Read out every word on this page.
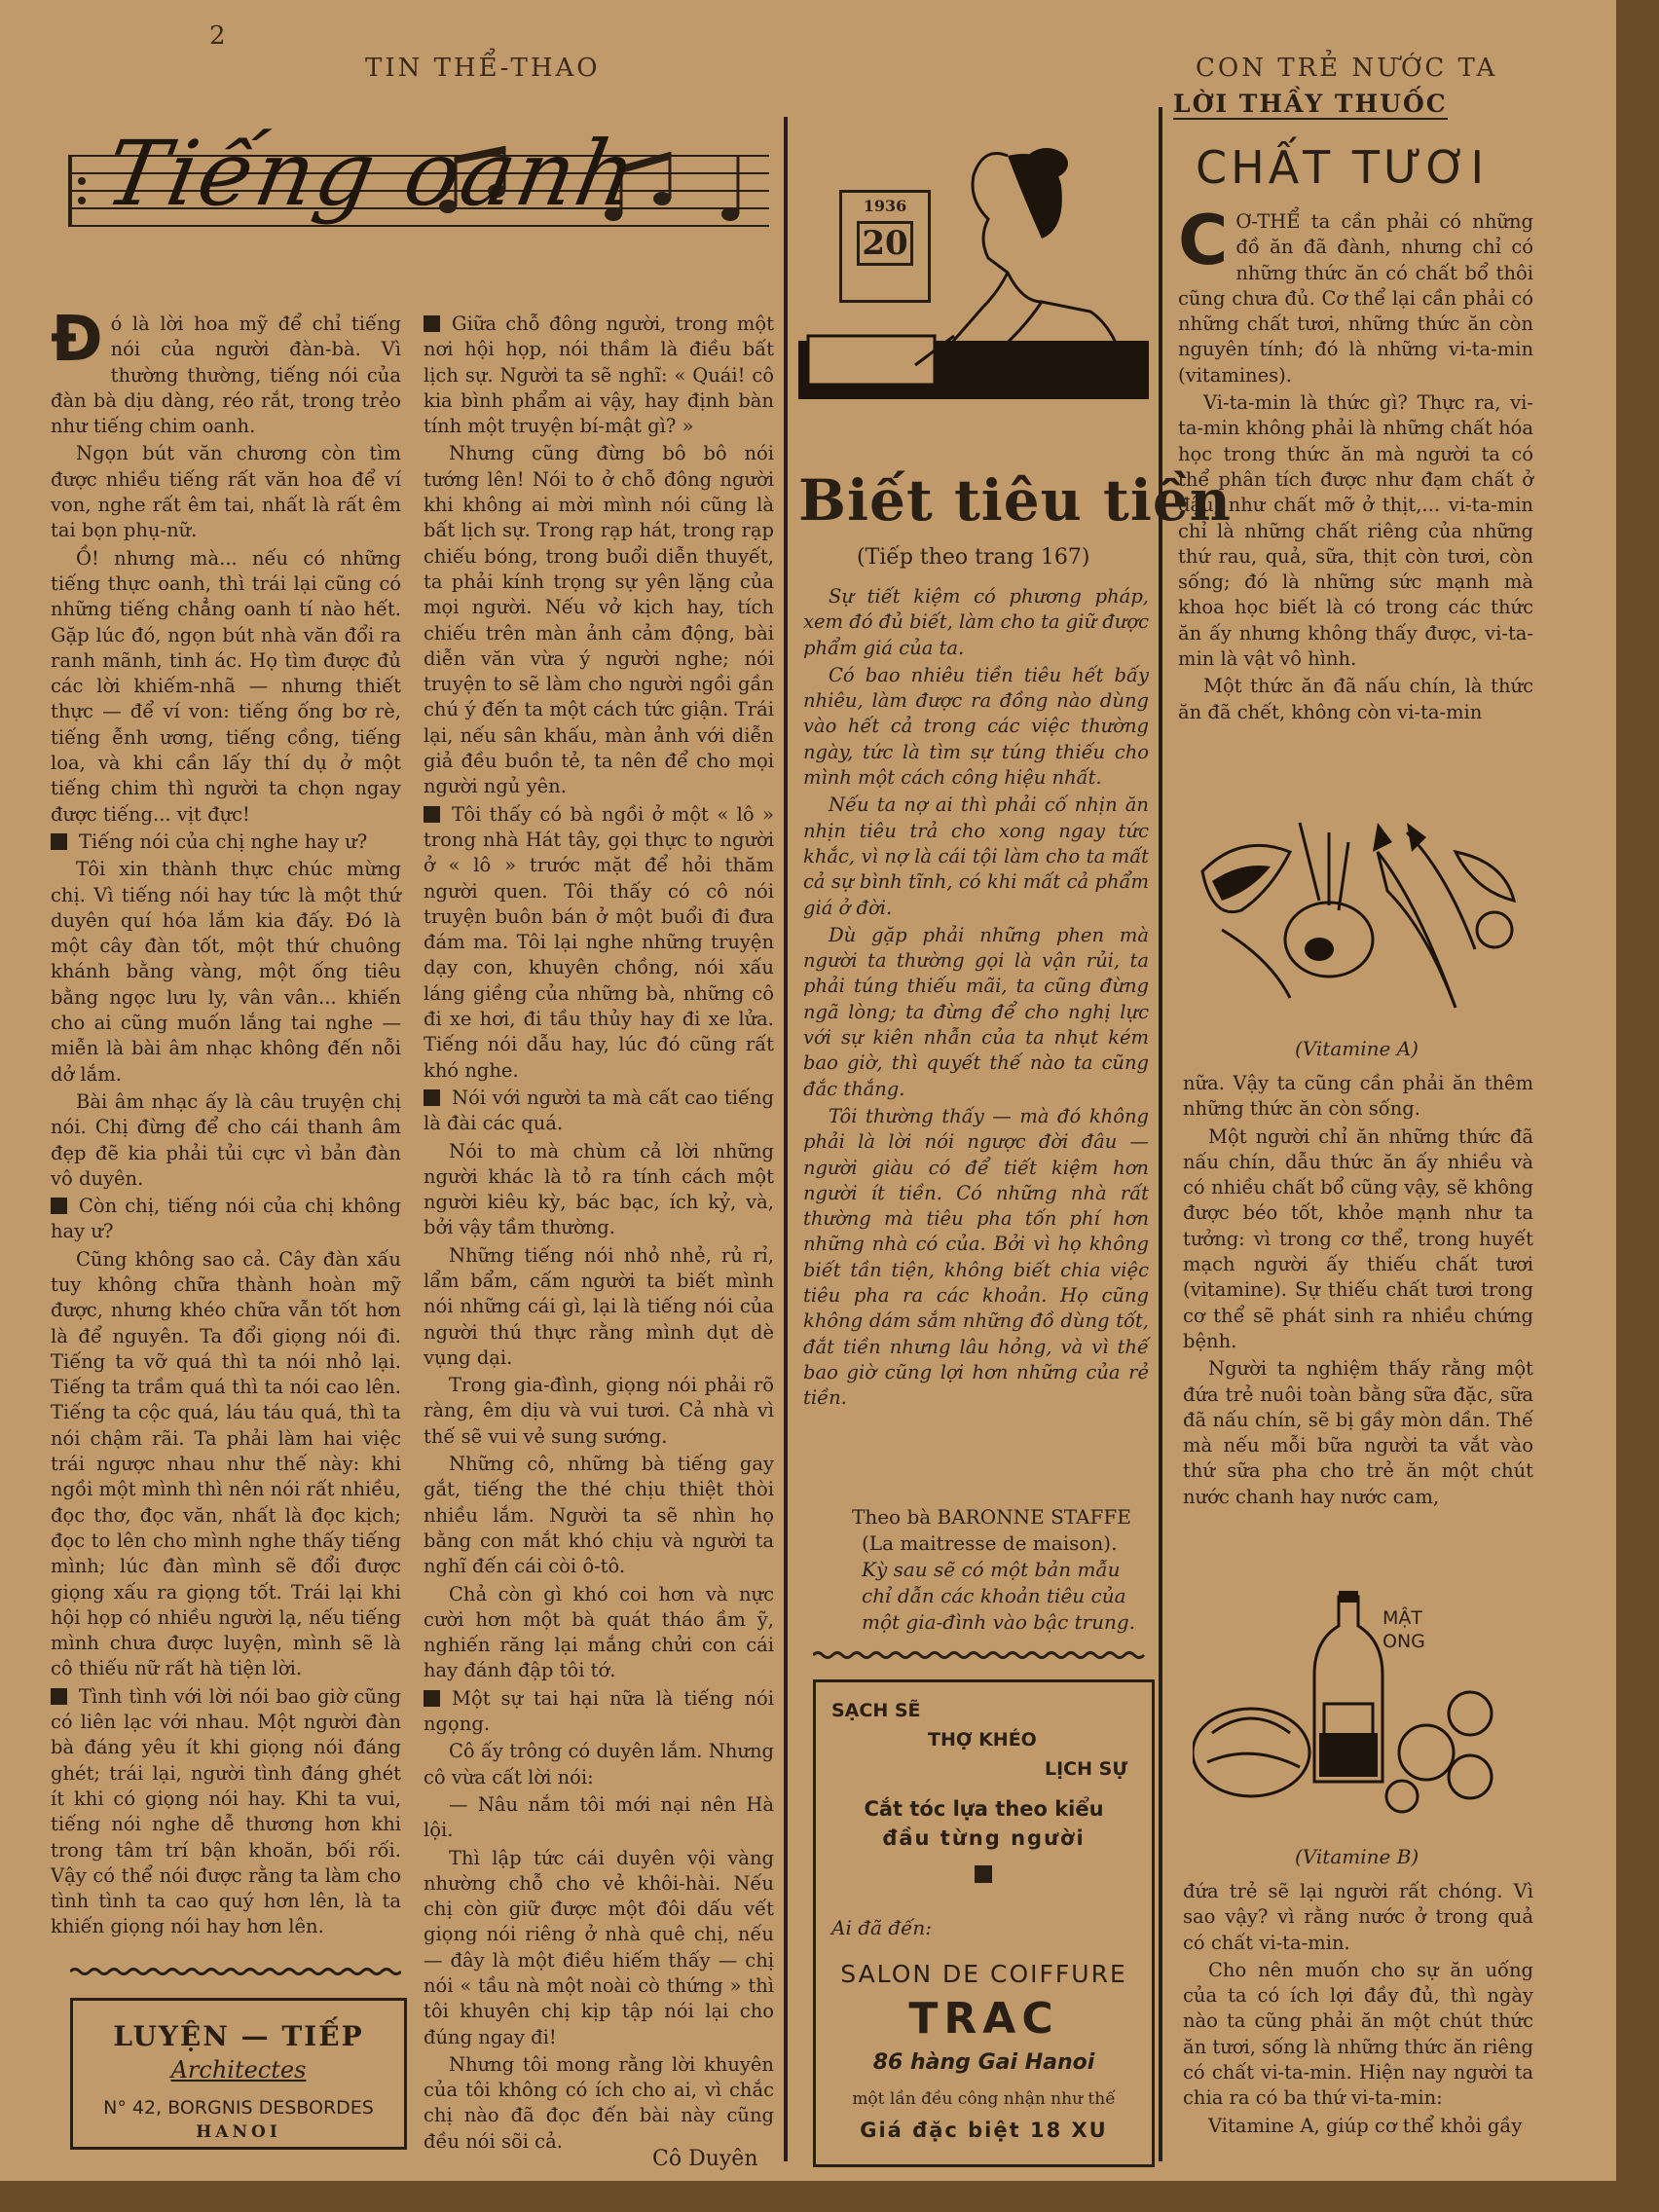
2
TIN THỂ-THAO	CON TRẺ NƯỚC TA
Tiếng oanh

Đó là lời hoa mỹ để chỉ tiếng nói của người đàn-bà. Vì thường thường, tiếng nói của đàn bà dịu dàng, réo rắt, trong trẻo như tiếng chim oanh.

Ngọn bút văn chương còn tìm được nhiều tiếng rất văn hoa để ví von, nghe rất êm tai, nhất là rất êm tai bọn phụ-nữ.

Ồ! nhưng mà... nếu có những tiếng thực oanh, thì trái lại cũng có những tiếng chẳng oanh tí nào hết. Gặp lúc đó, ngọn bút nhà văn đổi ra ranh mãnh, tinh ác. Họ tìm được đủ các lời khiếm-nhã — nhưng thiết thực — để ví von: tiếng ống bơ rè, tiếng ễnh ương, tiếng cồng, tiếng loa, và khi cần lấy thí dụ ở một tiếng chim thì người ta chọn ngay được tiếng... vịt đực!

Tiếng nói của chị nghe hay ư?

Tôi xin thành thực chúc mừng chị. Vì tiếng nói hay tức là một thứ duyên quí hóa lắm kia đấy. Đó là một cây đàn tốt, một thứ chuông khánh bằng vàng, một ống tiêu bằng ngọc lưu ly, vân vân... khiến cho ai cũng muốn lắng tai nghe — miễn là bài âm nhạc không đến nỗi dở lắm.

Bài âm nhạc ấy là câu truyện chị nói. Chị đừng để cho cái thanh âm đẹp đẽ kia phải tủi cực vì bản đàn vô duyên.

Còn chị, tiếng nói của chị không hay ư?

Cũng không sao cả. Cây đàn xấu tuy không chữa thành hoàn mỹ được, nhưng khéo chữa vẫn tốt hơn là để nguyên. Ta đổi giọng nói đi. Tiếng ta vỡ quá thì ta nói nhỏ lại. Tiếng ta trầm quá thì ta nói cao lên. Tiếng ta cộc quá, láu táu quá, thì ta nói chậm rãi. Ta phải làm hai việc trái ngược nhau như thế này: khi ngồi một mình thì nên nói rất nhiều, đọc thơ, đọc văn, nhất là đọc kịch; đọc to lên cho mình nghe thấy tiếng mình; lúc đàn mình sẽ đổi được giọng xấu ra giọng tốt. Trái lại khi hội họp có nhiều người lạ, nếu tiếng mình chưa được luyện, mình sẽ là cô thiếu nữ rất hà tiện lời.

Tình tình với lời nói bao giờ cũng có liên lạc với nhau. Một người đàn bà đáng yêu ít khi giọng nói đáng ghét; trái lại, người tình đáng ghét ít khi có giọng nói hay. Khi ta vui, tiếng nói nghe dễ thương hơn khi trong tâm trí bận khoăn, bối rối. Vậy có thể nói được rằng ta làm cho tình tình ta cao quý hơn lên, là ta khiến giọng nói hay hơn lên.

Giữa chỗ đông người, trong một nơi hội họp, nói thầm là điều bất lịch sự. Người ta sẽ nghĩ: « Quái! cô kia bình phẩm ai vậy, hay định bàn tính một truyện bí-mật gì? »

Nhưng cũng đừng bô bô nói tướng lên! Nói to ở chỗ đông người khi không ai mời mình nói cũng là bất lịch sự. Trong rạp hát, trong rạp chiếu bóng, trong buổi diễn thuyết, ta phải kính trọng sự yên lặng của mọi người. Nếu vở kịch hay, tích chiếu trên màn ảnh cảm động, bài diễn văn vừa ý người nghe; nói truyện to sẽ làm cho người ngồi gần chú ý đến ta một cách tức giận. Trái lại, nếu sân khấu, màn ảnh với diễn giả đều buồn tẻ, ta nên để cho mọi người ngủ yên.

Tôi thấy có bà ngồi ở một « lô » trong nhà Hát tây, gọi thực to người ở « lô » trước mặt để hỏi thăm người quen. Tôi thấy có cô nói truyện buôn bán ở một buổi đi đưa đám ma. Tôi lại nghe những truyện dạy con, khuyên chồng, nói xấu láng giềng của những bà, những cô đi xe hơi, đi tầu thủy hay đi xe lửa. Tiếng nói dẫu hay, lúc đó cũng rất khó nghe.

Nói với người ta mà cất cao tiếng là đài các quá.

Nói to mà chùm cả lời những người khác là tỏ ra tính cách một người kiêu kỳ, bác bạc, ích kỷ, và, bởi vậy tầm thường.

Những tiếng nói nhỏ nhẻ, rủ rỉ, lẩm bẩm, cấm người ta biết mình nói những cái gì, lại là tiếng nói của người thú thực rằng mình dụt dè vụng dại.

Trong gia-đình, giọng nói phải rõ ràng, êm dịu và vui tươi. Cả nhà vì thế sẽ vui vẻ sung sướng.

Những cô, những bà tiếng gay gắt, tiếng the thé chịu thiệt thòi nhiều lắm. Người ta sẽ nhìn họ bằng con mắt khó chịu và người ta nghĩ đến cái còi ô-tô.

Chả còn gì khó coi hơn và nực cười hơn một bà quát tháo ầm ỹ, nghiến răng lại mắng chửi con cái hay đánh đập tôi tớ.

Một sự tai hại nữa là tiếng nói ngọng.

Cô ấy trông có duyên lắm. Nhưng cô vừa cất lời nói:

— Nâu nắm tôi mới nại nên Hà lội.

Thì lập tức cái duyên vội vàng nhường chỗ cho vẻ khôi-hài. Nếu chị còn giữ được một đôi dấu vết giọng nói riêng ở nhà quê chị, nếu — đây là một điều hiếm thấy — chị nói « tầu nà một noài cò thứng » thì tôi khuyên chị kịp tập nói lại cho đúng ngay đi!

Nhưng tôi mong rằng lời khuyên của tôi không có ích cho ai, vì chắc chị nào đã đọc đến bài này cũng đều nói sõi cả.

Cô Duyên
LUYỆN — TIẾP
Architectes
N° 42, BORGNIS DESBORDES
HANOI
1936
20
Biết tiêu tiền
(Tiếp theo trang 167)

Sự tiết kiệm có phương pháp, xem đó đủ biết, làm cho ta giữ được phẩm giá của ta.

Có bao nhiêu tiền tiêu hết bấy nhiêu, làm được ra đồng nào dùng vào hết cả trong các việc thường ngày, tức là tìm sự túng thiếu cho mình một cách công hiệu nhất.

Nếu ta nợ ai thì phải cố nhịn ăn nhịn tiêu trả cho xong ngay tức khắc, vì nợ là cái tội làm cho ta mất cả sự bình tĩnh, có khi mất cả phẩm giá ở đời.

Dù gặp phải những phen mà người ta thường gọi là vận rủi, ta phải túng thiếu mãi, ta cũng đừng ngã lòng; ta đừng để cho nghị lực với sự kiên nhẫn của ta nhụt kém bao giờ, thì quyết thế nào ta cũng đắc thắng.

Tôi thường thấy — mà đó không phải là lời nói ngược đời đâu — người giàu có để tiết kiệm hơn người ít tiền. Có những nhà rất thường mà tiêu pha tốn phí hơn những nhà có của. Bởi vì họ không biết tần tiện, không biết chia việc tiêu pha ra các khoản. Họ cũng không dám sắm những đồ dùng tốt, đắt tiền nhưng lâu hỏng, và vì thế bao giờ cũng lợi hơn những của rẻ tiền.

Theo bà BARONNE STAFFE
(La maitresse de maison).
Kỳ sau sẽ có một bản mẫu chỉ dẫn các khoản tiêu của một gia-đình vào bậc trung.
SẠCH SẼ
THỢ KHÉO
LỊCH SỰ
Cắt tóc lựa theo kiểu
đầu từng người
Ai đã đến:
SALON DE COIFFURE
TRAC
86 hàng Gai Hanoi
một lần đều công nhận như thế
Giá đặc biệt 18 XU
LỜI THẦY THUỐC
CHẤT TƯƠI

C Ơ-THỂ ta cần phải có những đồ ăn đã đành, nhưng chỉ có những thức ăn có chất bổ thôi cũng chưa đủ. Cơ thể lại cần phải có những chất tươi, những thức ăn còn nguyên tính; đó là những vi-ta-min (vitamines).

Vi-ta-min là thức gì? Thực ra, vi-ta-min không phải là những chất hóa học trong thức ăn mà người ta có thể phân tích được như đạm chất ở đậu, như chất mỡ ở thịt,... vi-ta-min chỉ là những chất riêng của những thứ rau, quả, sữa, thịt còn tươi, còn sống; đó là những sức mạnh mà khoa học biết là có trong các thức ăn ấy nhưng không thấy được, vi-ta-min là vật vô hình.

Một thức ăn đã nấu chín, là thức ăn đã chết, không còn vi-ta-min

(Vitamine A)

nữa. Vậy ta cũng cần phải ăn thêm những thức ăn còn sống.

Một người chỉ ăn những thức đã nấu chín, dẫu thức ăn ấy nhiều và có nhiều chất bổ cũng vậy, sẽ không được béo tốt, khỏe mạnh như ta tưởng: vì trong cơ thể, trong huyết mạch người ấy thiếu chất tươi (vitamine). Sự thiếu chất tươi trong cơ thể sẽ phát sinh ra nhiều chứng bệnh.

Người ta nghiệm thấy rằng một đứa trẻ nuôi toàn bằng sữa đặc, sữa đã nấu chín, sẽ bị gầy mòn dần. Thế mà nếu mỗi bữa người ta vắt vào thứ sữa pha cho trẻ ăn một chút nước chanh hay nước cam,

MẬT ONG
(Vitamine B)

đứa trẻ sẽ lại người rất chóng. Vì sao vậy? vì rằng nước ở trong quả có chất vi-ta-min.

Cho nên muốn cho sự ăn uống của ta có ích lợi đầy đủ, thì ngày nào ta cũng phải ăn một chút thức ăn tươi, sống là những thức ăn riêng có chất vi-ta-min. Hiện nay người ta chia ra có ba thứ vi-ta-min:

Vitamine A, giúp cơ thể khỏi gầy
